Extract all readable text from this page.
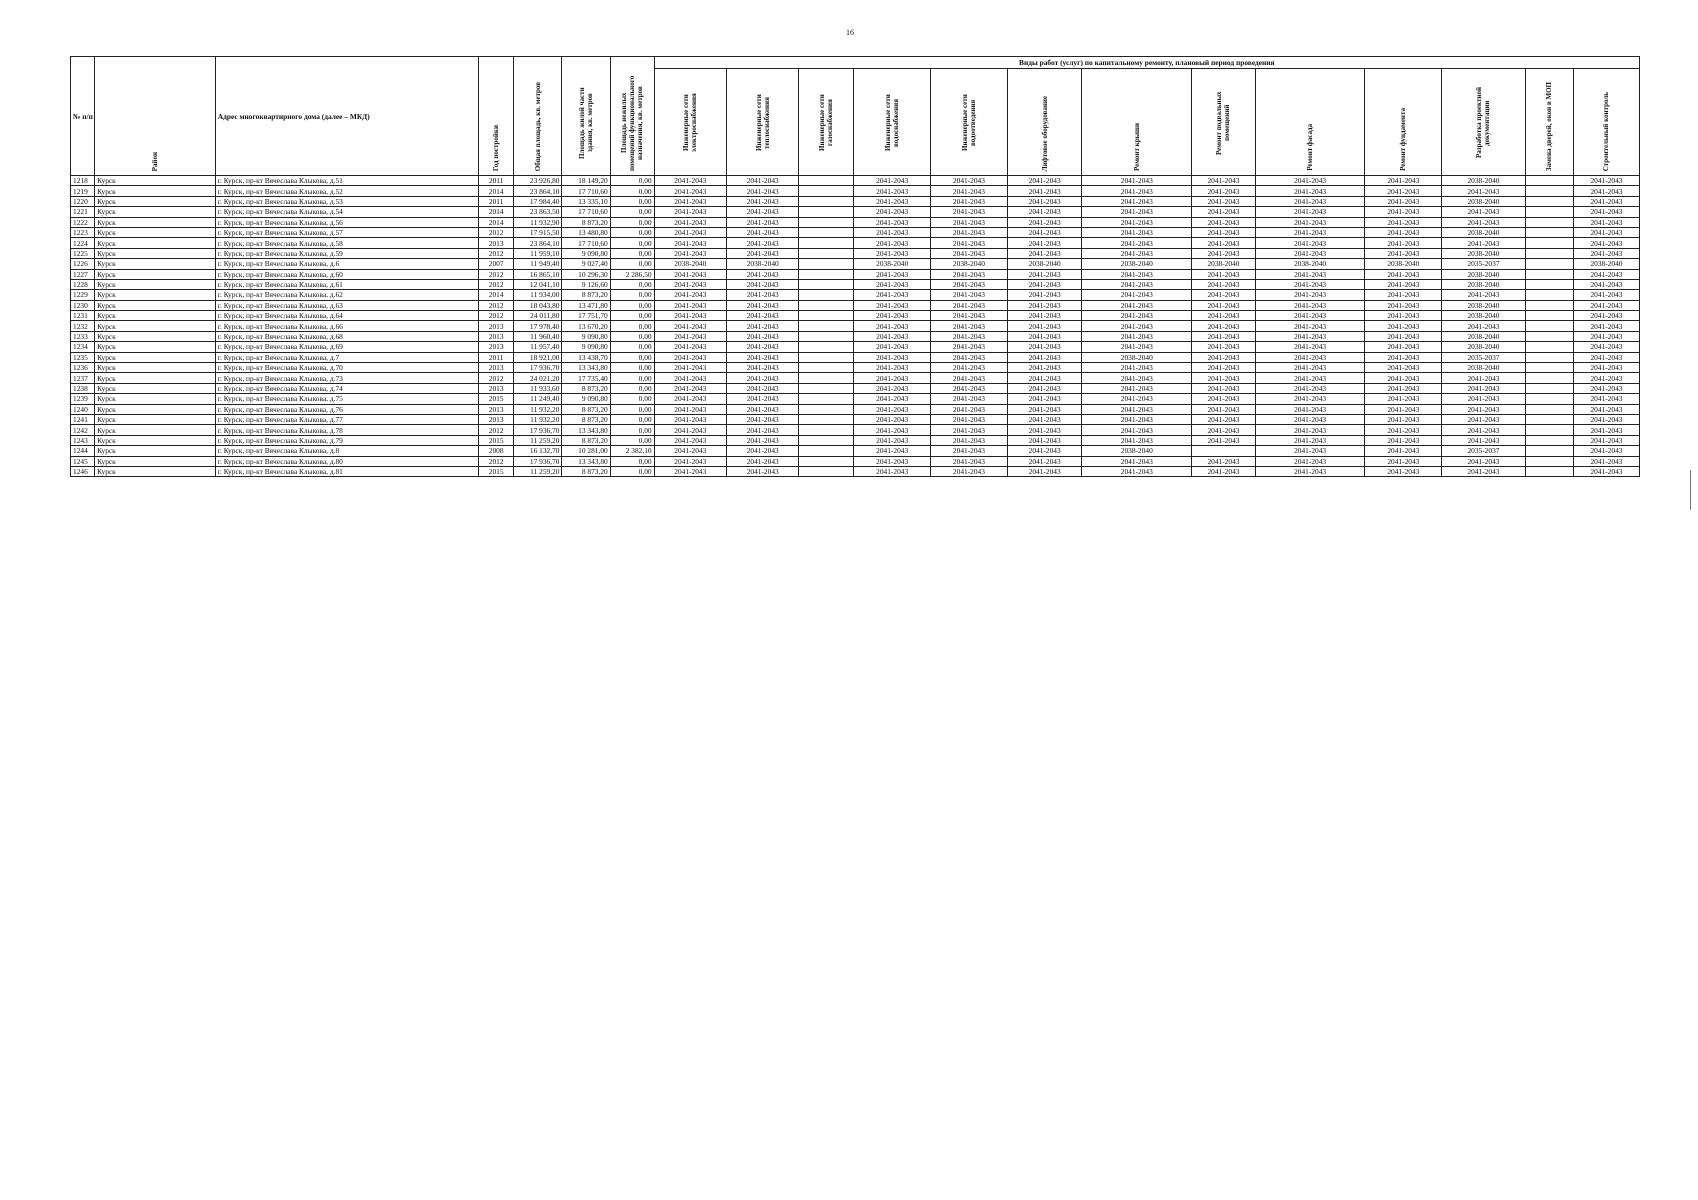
16
№ п/п	Район	Адрес многоквартирного дома (далее – МКД)	Год постройки	Общая площадь, кв. метров	Площадь жилой части здания, кв. метров	Площадь нежилых помещений функционального назначения, кв. метров	Виды работ (услуг) по капитальному ремонту, плановый период проведения												
							Инженерные сети электроснабжения	Инженерные сети теплоснабжения	Инженерные сети газоснабжения	Инженерные сети водоснабжения	Инженерные сети водоотведения	Лифтовое оборудование	Ремонт крыши	Ремонт подвальных помещений	Ремонт фасада	Ремонт фундамента	Разработка проектной документации	Замена дверей, окон в МОП	Строительный контроль
1218	Курск	г. Курск, пр-кт Вячеслава Клыкова, д.51	2011	23 926,80	18 149,20	0,00	2041-2043	2041-2043		2041-2043	2041-2043	2041-2043	2041-2043	2041-2043	2041-2043	2041-2043	2038-2040		2041-2043
1219	Курск	г. Курск, пр-кт Вячеслава Клыкова, д.52	2014	23 864,10	17 710,60	0,00	2041-2043	2041-2043		2041-2043	2041-2043	2041-2043	2041-2043	2041-2043	2041-2043	2041-2043	2041-2043		2041-2043
1220	Курск	г. Курск, пр-кт Вячеслава Клыкова, д.53	2011	17 984,40	13 335,10	0,00	2041-2043	2041-2043		2041-2043	2041-2043	2041-2043	2041-2043	2041-2043	2041-2043	2041-2043	2038-2040		2041-2043
1221	Курск	г. Курск, пр-кт Вячеслава Клыкова, д.54	2014	23 863,50	17 710,60	0,00	2041-2043	2041-2043		2041-2043	2041-2043	2041-2043	2041-2043	2041-2043	2041-2043	2041-2043	2041-2043		2041-2043
1222	Курск	г. Курск, пр-кт Вячеслава Клыкова, д.56	2014	11 932,90	8 873,20	0,00	2041-2043	2041-2043		2041-2043	2041-2043	2041-2043	2041-2043	2041-2043	2041-2043	2041-2043	2041-2043		2041-2043
1223	Курск	г. Курск, пр-кт Вячеслава Клыкова, д.57	2012	17 915,50	13 480,80	0,00	2041-2043	2041-2043		2041-2043	2041-2043	2041-2043	2041-2043	2041-2043	2041-2043	2041-2043	2038-2040		2041-2043
1224	Курск	г. Курск, пр-кт Вячеслава Клыкова, д.58	2013	23 864,10	17 710,60	0,00	2041-2043	2041-2043		2041-2043	2041-2043	2041-2043	2041-2043	2041-2043	2041-2043	2041-2043	2041-2043		2041-2043
1225	Курск	г. Курск, пр-кт Вячеслава Клыкова, д.59	2012	11 959,10	9 090,80	0,00	2041-2043	2041-2043		2041-2043	2041-2043	2041-2043	2041-2043	2041-2043	2041-2043	2041-2043	2038-2040		2041-2043
1226	Курск	г. Курск, пр-кт Вячеслава Клыкова, д.6	2007	11 949,40	9 027,40	0,00	2038-2040	2038-2040		2038-2040	2038-2040	2038-2040	2038-2040	2038-2040	2038-2040	2038-2040	2035-2037		2038-2040
1227	Курск	г. Курск, пр-кт Вячеслава Клыкова, д.60	2012	16 865,10	10 296,30	2 286,50	2041-2043	2041-2043		2041-2043	2041-2043	2041-2043	2041-2043	2041-2043	2041-2043	2041-2043	2038-2040		2041-2043
1228	Курск	г. Курск, пр-кт Вячеслава Клыкова, д.61	2012	12 041,10	9 126,60	0,00	2041-2043	2041-2043		2041-2043	2041-2043	2041-2043	2041-2043	2041-2043	2041-2043	2041-2043	2038-2040		2041-2043
1229	Курск	г. Курск, пр-кт Вячеслава Клыкова, д.62	2014	11 934,00	8 873,20	0,00	2041-2043	2041-2043		2041-2043	2041-2043	2041-2043	2041-2043	2041-2043	2041-2043	2041-2043	2041-2043		2041-2043
1230	Курск	г. Курск, пр-кт Вячеслава Клыкова, д.63	2012	18 043,80	13 471,80	0,00	2041-2043	2041-2043		2041-2043	2041-2043	2041-2043	2041-2043	2041-2043	2041-2043	2041-2043	2038-2040		2041-2043
1231	Курск	г. Курск, пр-кт Вячеслава Клыкова, д.64	2012	24 011,80	17 751,70	0,00	2041-2043	2041-2043		2041-2043	2041-2043	2041-2043	2041-2043	2041-2043	2041-2043	2041-2043	2038-2040		2041-2043
1232	Курск	г. Курск, пр-кт Вячеслава Клыкова, д.66	2013	17 978,40	13 670,20	0,00	2041-2043	2041-2043		2041-2043	2041-2043	2041-2043	2041-2043	2041-2043	2041-2043	2041-2043	2041-2043		2041-2043
1233	Курск	г. Курск, пр-кт Вячеслава Клыкова, д.68	2013	11 960,40	9 090,80	0,00	2041-2043	2041-2043		2041-2043	2041-2043	2041-2043	2041-2043	2041-2043	2041-2043	2041-2043	2038-2040		2041-2043
1234	Курск	г. Курск, пр-кт Вячеслава Клыкова, д.69	2013	11 957,40	9 090,80	0,00	2041-2043	2041-2043		2041-2043	2041-2043	2041-2043	2041-2043	2041-2043	2041-2043	2041-2043	2038-2040		2041-2043
1235	Курск	г. Курск, пр-кт Вячеслава Клыкова, д.7	2011	18 921,00	13 438,70	0,00	2041-2043	2041-2043		2041-2043	2041-2043	2041-2043	2038-2040	2041-2043	2041-2043	2041-2043	2035-2037		2041-2043
1236	Курск	г. Курск, пр-кт Вячеслава Клыкова, д.70	2013	17 936,70	13 343,80	0,00	2041-2043	2041-2043		2041-2043	2041-2043	2041-2043	2041-2043	2041-2043	2041-2043	2041-2043	2038-2040		2041-2043
1237	Курск	г. Курск, пр-кт Вячеслава Клыкова, д.73	2012	24 021,20	17 735,40	0,00	2041-2043	2041-2043		2041-2043	2041-2043	2041-2043	2041-2043	2041-2043	2041-2043	2041-2043	2041-2043		2041-2043
1238	Курск	г. Курск, пр-кт Вячеслава Клыкова, д.74	2013	11 933,60	8 873,20	0,00	2041-2043	2041-2043		2041-2043	2041-2043	2041-2043	2041-2043	2041-2043	2041-2043	2041-2043	2041-2043		2041-2043
1239	Курск	г. Курск, пр-кт Вячеслава Клыкова, д.75	2015	11 249,40	9 090,80	0,00	2041-2043	2041-2043		2041-2043	2041-2043	2041-2043	2041-2043	2041-2043	2041-2043	2041-2043	2041-2043		2041-2043
1240	Курск	г. Курск, пр-кт Вячеслава Клыкова, д.76	2013	11 932,20	8 873,20	0,00	2041-2043	2041-2043		2041-2043	2041-2043	2041-2043	2041-2043	2041-2043	2041-2043	2041-2043	2041-2043		2041-2043
1241	Курск	г. Курск, пр-кт Вячеслава Клыкова, д.77	2013	11 932,20	8 873,20	0,00	2041-2043	2041-2043		2041-2043	2041-2043	2041-2043	2041-2043	2041-2043	2041-2043	2041-2043	2041-2043		2041-2043
1242	Курск	г. Курск, пр-кт Вячеслава Клыкова, д.78	2012	17 936,70	13 343,80	0,00	2041-2043	2041-2043		2041-2043	2041-2043	2041-2043	2041-2043	2041-2043	2041-2043	2041-2043	2041-2043		2041-2043
1243	Курск	г. Курск, пр-кт Вячеслава Клыкова, д.79	2015	11 259,20	8 873,20	0,00	2041-2043	2041-2043		2041-2043	2041-2043	2041-2043	2041-2043	2041-2043	2041-2043	2041-2043	2041-2043		2041-2043
1244	Курск	г. Курск, пр-кт Вячеслава Клыкова, д.8	2008	16 132,70	10 281,00	2 382,10	2041-2043	2041-2043		2041-2043	2041-2043	2041-2043	2038-2040		2041-2043	2041-2043	2035-2037		2041-2043
1245	Курск	г. Курск, пр-кт Вячеслава Клыкова, д.80	2012	17 936,70	13 343,80	0,00	2041-2043	2041-2043		2041-2043	2041-2043	2041-2043	2041-2043	2041-2043	2041-2043	2041-2043	2041-2043		2041-2043
1246	Курск	г. Курск, пр-кт Вячеслава Клыкова, д.81	2015	11 259,20	8 873,20	0,00	2041-2043	2041-2043		2041-2043	2041-2043	2041-2043	2041-2043	2041-2043	2041-2043	2041-2043	2041-2043		2041-2043
